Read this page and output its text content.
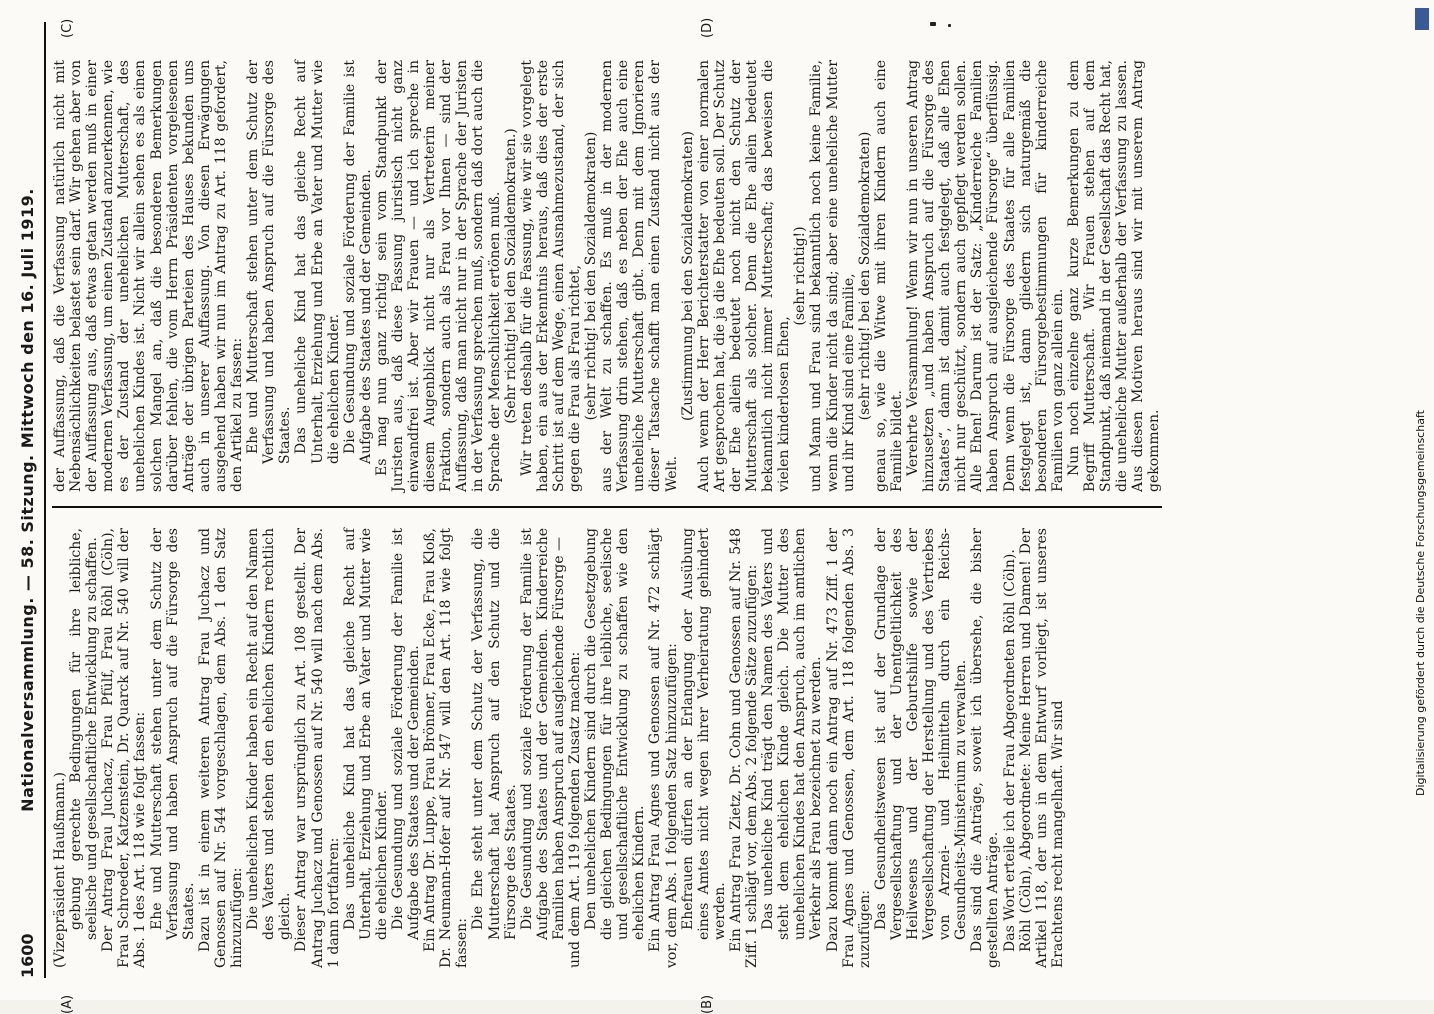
1600
Nationalversammlung. — 58. Sitzung. Mittwoch den 16. Juli 1919.
(A)	(B)
(C)	(D)

(Vizepräsident Haußmann.) gebung gerechte Bedingungen für ihre leibliche, seelische und gesellschaftliche Entwicklung zu schaffen. Der Antrag Frau Juchacz, Frau Pfülf, Frau Röhl (Cöln), Frau Schroeder, Katzenstein, Dr. Quarck auf Nr. 540 will der Abs. 1 des Art. 118 wie folgt fassen: Ehe und Mutterschaft stehen unter dem Schutz der Verfassung und haben Anspruch auf die Fürsorge des Staates. Dazu ist in einem weiteren Antrag Frau Juchacz und Genossen auf Nr. 544 vorgeschlagen, dem Abs. 1 den Satz hinzuzufügen: Die unehelichen Kinder haben ein Recht auf den Namen des Vaters und stehen den ehelichen Kindern rechtlich gleich. Dieser Antrag war ursprünglich zu Art. 108 gestellt. Der Antrag Juchacz und Genossen auf Nr. 540 will nach dem Abs. 1 dann fortfahren: Das uneheliche Kind hat das gleiche Recht auf Unterhalt, Erziehung und Erbe an Vater und Mutter wie die ehelichen Kinder. Die Gesundung und soziale Förderung der Familie ist Aufgabe des Staates und der Gemeinden. Ein Antrag Dr. Luppe, Frau Brönner, Frau Ecke, Frau Kloß, Dr. Neumann-Hofer auf Nr. 547 will den Art. 118 wie folgt fassen:

Die Ehe steht unter dem Schutz der Verfassung, die Mutterschaft hat Anspruch auf den Schutz und die Fürsorge des Staates. Die Gesundung und soziale Förderung der Familie ist Aufgabe des Staates und der Gemeinden. Kinderreiche Familien haben Anspruch auf ausgleichende Fürsorge — und dem Art. 119 folgenden Zusatz machen: Den unehelichen Kindern sind durch die Gesetzgebung die gleichen Bedingungen für ihre leibliche, seelische und gesellschaftliche Entwicklung zu schaffen wie den ehelichen Kindern. Ein Antrag Frau Agnes und Genossen auf Nr. 472 schlägt vor, dem Abs. 1 folgenden Satz hinzuzufügen: Ehefrauen dürfen an der Erlangung oder Ausübung eines Amtes nicht wegen ihrer Verheiratung gehindert werden. Ein Antrag Frau Zietz, Dr. Cohn und Genossen auf Nr. 548 Ziff. 1 schlägt vor, dem Abs. 2 folgende Sätze zuzufügen: Das uneheliche Kind trägt den Namen des Vaters und steht dem ehelichen Kinde gleich. Die Mutter des unehelichen Kindes hat den Anspruch, auch im amtlichen Verkehr als Frau bezeichnet zu werden. Dazu kommt dann noch ein Antrag auf Nr. 473 Ziff. 1 der Frau Agnes und Genossen, dem Art. 118 folgenden Abs. 3 zuzufügen: Das Gesundheitswesen ist auf der Grundlage der Vergesellschaftung und der Unentgeltlichkeit des Heilwesens und der Geburtshilfe sowie der Vergesellschaftung der Herstellung und des Vertriebes von Arznei- und Heilmitteln durch ein Reichs-Gesundheits-Ministerium zu verwalten. Das sind die Anträge, soweit ich übersehe, die bisher gestellten Anträge. Das Wort erteile ich der Frau Abgeordneten Röhl (Cöln). Röhl (Cöln), Abgeordnete: Meine Herren und Damen! Der Artikel 118, der uns in dem Entwurf vorliegt, ist unseres Erachtens recht mangelhaft. Wir sind

der Auffassung, daß die Verfassung natürlich nicht mit Nebensächlichkeiten belastet sein darf. Wir gehen aber von der Auffassung aus, daß etwas getan werden muß in einer modernen Verfassung, um einen Zustand anzuerkennen, wie es der Zustand der unehelichen Mutterschaft, des unehelichen Kindes ist. Nicht wir allein sehen es als einen solchen Mangel an, daß die besonderen Bemerkungen darüber fehlen, die vom Herrn Präsidenten vorgelesenen Anträge der übrigen Parteien des Hauses bekunden uns auch in unserer Auffassung. Von diesen Erwägungen ausgehend haben wir nun im Antrag zu Art. 118 gefordert, den Artikel zu fassen: Ehe und Mutterschaft stehen unter dem Schutz der Verfassung und haben Anspruch auf die Fürsorge des Staates. Das uneheliche Kind hat das gleiche Recht auf Unterhalt, Erziehung und Erbe an Vater und Mutter wie die ehelichen Kinder. Die Gesundung und soziale Förderung der Familie ist Aufgabe des Staates und der Gemeinden. Es mag nun ganz richtig sein vom Standpunkt der Juristen aus, daß diese Fassung juristisch nicht ganz einwandfrei ist. Aber wir Frauen — und ich spreche in diesem Augenblick nicht nur als Vertreterin meiner Fraktion, sondern auch als Frau vor Ihnen — sind der Auffassung, daß man nicht nur in der Sprache der Juristen in der Verfassung sprechen muß, sondern daß dort auch die Sprache der Menschlichkeit ertönen muß. (Sehr richtig! bei den Sozialdemokraten.) Wir treten deshalb für die Fassung, wie wir sie vorgelegt haben, ein aus der Erkenntnis heraus, daß dies der erste Schritt ist auf dem Wege, einen Ausnahmezustand, der sich gegen die Frau als Frau richtet, (sehr richtig! bei den Sozialdemokraten) aus der Welt zu schaffen. Es muß in der modernen Verfassung drin stehen, daß es neben der Ehe auch eine uneheliche Mutterschaft gibt. Denn mit dem Ignorieren dieser Tatsache schafft man einen Zustand nicht aus der Welt.

(Zustimmung bei den Sozialdemokraten) Auch wenn der Herr Berichterstatter von einer normalen Art gesprochen hat, die ja die Ehe bedeuten soll. Der Schutz der Ehe allein bedeutet noch nicht den Schutz der Mutterschaft als solcher. Denn die Ehe allein bedeutet bekanntlich nicht immer Mutterschaft; das beweisen die vielen kinderlosen Ehen,

(sehr richtig!) und Mann und Frau sind bekanntlich noch keine Familie, wenn die Kinder nicht da sind; aber eine uneheliche Mutter und ihr Kind sind eine Familie, (sehr richtig! bei den Sozialdemokraten) genau so, wie die Witwe mit ihren Kindern auch eine Familie bildet. Verehrte Versammlung! Wenn wir nun in unseren Antrag hinzusetzen „und haben Anspruch auf die Fürsorge des Staates“, dann ist damit auch festgelegt, daß alle Ehen nicht nur geschützt, sondern auch gepflegt werden sollen. Alle Ehen! Darum ist der Satz: „Kinderreiche Familien haben Anspruch auf ausgleichende Fürsorge“ überflüssig. Denn wenn die Fürsorge des Staates für alle Familien festgelegt ist, dann gliedern sich naturgemäß die besonderen Fürsorgebestimmungen für kinderreiche Familien von ganz allein ein. Nun noch einzelne ganz kurze Bemerkungen zu dem Begriff Mutterschaft. Wir Frauen stehen auf dem Standpunkt, daß niemand in der Gesellschaft das Recht hat, die uneheliche Mutter außerhalb der Verfassung zu lassen. Aus diesen Motiven heraus sind wir mit unserem Antrag gekommen.	Digitalisierung gefördert durch die Deutsche Forschungsgemeinschaft
